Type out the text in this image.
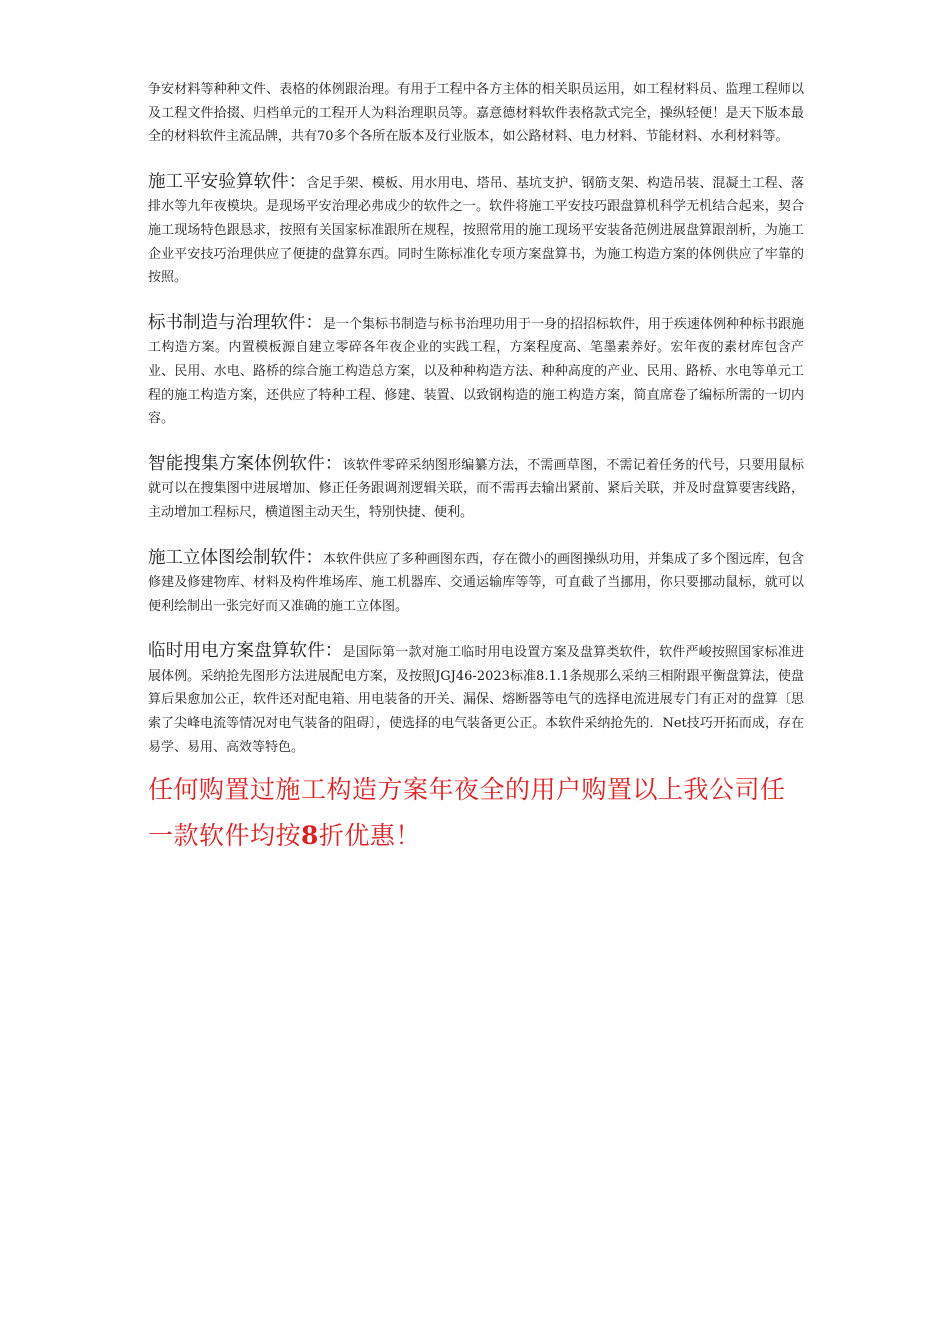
争安材料等种种文件、表格的体例跟治理。有用于工程中各方主体的相关职员运用，如工程材料员、监理工程师以及工程文件拾掇、归档单元的工程开人为料治理职员等。嘉意德材料软件表格款式完全，操纵轻便！是天下版本最全的材料软件主流品牌，共有70多个各所在版本及行业版本，如公路材料、电力材料、节能材料、水利材料等。

施工平安验算软件：含足手架、模板、用水用电、塔吊、基坑支护、钢筋支架、构造吊装、混凝土工程、落排水等九年夜模块。是现场平安治理必弗成少的软件之一。软件将施工平安技巧跟盘算机科学无机结合起来，契合施工现场特色跟恳求，按照有关国家标准跟所在规程，按照常用的施工现场平安装备范例进展盘算跟剖析，为施工企业平安技巧治理供应了便捷的盘算东西。同时生陈标准化专项方案盘算书，为施工构造方案的体例供应了牢靠的按照。

标书制造与治理软件：是一个集标书制造与标书治理功用于一身的招招标软件，用于疾速体例种种标书跟施工构造方案。内置模板源自建立零碎各年夜企业的实践工程，方案程度高、笔墨素养好。宏年夜的素材库包含产业、民用、水电、路桥的综合施工构造总方案，以及种种构造方法、种种高度的产业、民用、路桥、水电等单元工程的施工构造方案，还供应了特种工程、修建、装置、以致钢构造的施工构造方案，简直席卷了编标所需的一切内容。

智能搜集方案体例软件：该软件零碎采纳图形编纂方法，不需画草图，不需记着任务的代号，只要用鼠标就可以在搜集图中进展增加、修正任务跟调剂逻辑关联，而不需再去输出紧前、紧后关联，并及时盘算要害线路，主动增加工程标尺，横道图主动天生，特别快捷、便利。

施工立体图绘制软件：本软件供应了多种画图东西，存在微小的画图操纵功用，并集成了多个图远库，包含修建及修建物库、材料及构件堆场库、施工机器库、交通运输库等等，可直截了当挪用，你只要挪动鼠标，就可以便利绘制出一张完好而又准确的施工立体图。

临时用电方案盘算软件：是国际第一款对施工临时用电设置方案及盘算类软件，软件严峻按照国家标准进展体例。采纳抢先图形方法进展配电方案，及按照JGJ46-2023标准8.1.1条规那么采纳三相附跟平衡盘算法，使盘算后果愈加公正，软件还对配电箱、用电装备的开关、漏保、熔断器等电气的选择电流进展专门有正对的盘算〔思索了尖峰电流等情况对电气装备的阻碍〕，使选择的电气装备更公正。本软件采纳抢先的．Net技巧开拓而成，存在易学、易用、高效等特色。

任何购置过施工构造方案年夜全的用户购置以上我公司任一款软件均按8折优惠！
